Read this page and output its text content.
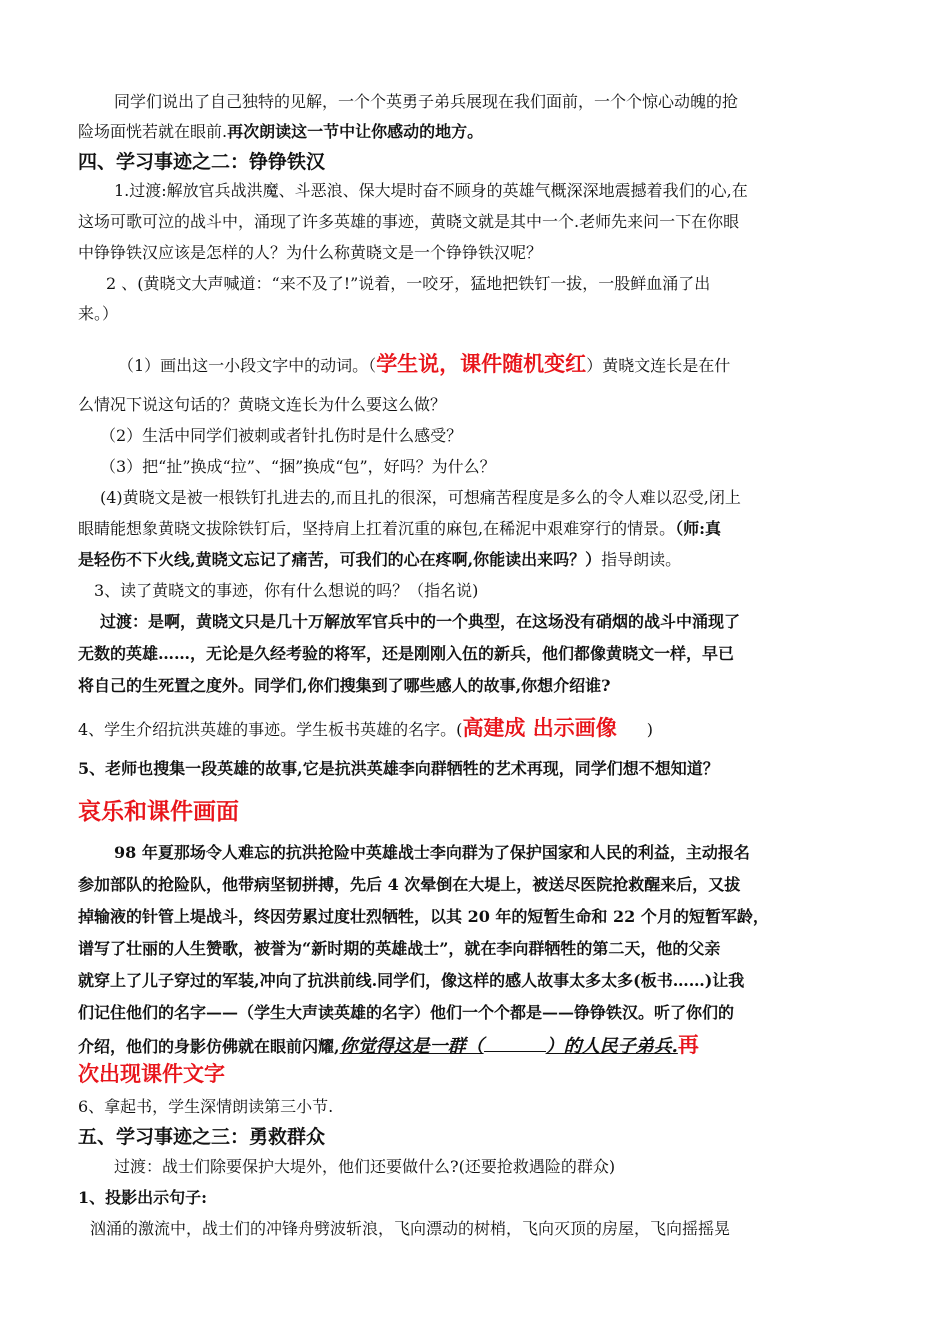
同学们说出了自己独特的见解，一个个英勇子弟兵展现在我们面前，一个个惊心动魄的抢
险场面恍若就在眼前.再次朗读这一节中让你感动的地方。
四、学习事迹之二：铮铮铁汉
1.过渡:解放官兵战洪魔、斗恶浪、保大堤时奋不顾身的英雄气概深深地震撼着我们的心,在
这场可歌可泣的战斗中，涌现了许多英雄的事迹，黄晓文就是其中一个.老师先来问一下在你眼
中铮铮铁汉应该是怎样的人？为什么称黄晓文是一个铮铮铁汉呢？
2 、(黄晓文大声喊道：“来不及了!”说着，一咬牙，猛地把铁钉一拔，一股鲜血涌了出
来。）
（1）画出这一小段文字中的动词。（学生说，课件随机变红）黄晓文连长是在什
么情况下说这句话的？黄晓文连长为什么要这么做？
（2）生活中同学们被刺或者针扎伤时是什么感受？
（3）把“扯”换成“拉”、“捆”换成“包”，好吗？为什么？
(4)黄晓文是被一根铁钉扎进去的,而且扎的很深，可想痛苦程度是多么的令人难以忍受,闭上
眼睛能想象黄晓文拔除铁钉后，坚持肩上扛着沉重的麻包,在稀泥中艰难穿行的情景。（师:真
是轻伤不下火线,黄晓文忘记了痛苦，可我们的心在疼啊,你能读出来吗？）指导朗读。
3、读了黄晓文的事迹，你有什么想说的吗？（指名说)
过渡：是啊，黄晓文只是几十万解放军官兵中的一个典型，在这场没有硝烟的战斗中涌现了
无数的英雄……，无论是久经考验的将军，还是刚刚入伍的新兵，他们都像黄晓文一样，早已
将自己的生死置之度外。同学们,你们搜集到了哪些感人的故事,你想介绍谁?
4、学生介绍抗洪英雄的事迹。学生板书英雄的名字。(高建成 出示画像 )
5、老师也搜集一段英雄的故事,它是抗洪英雄李向群牺牲的艺术再现，同学们想不想知道？
哀乐和课件画面
98 年夏那场令人难忘的抗洪抢险中英雄战士李向群为了保护国家和人民的利益，主动报名
参加部队的抢险队，他带病坚韧拼搏，先后 4 次晕倒在大堤上，被送尽医院抢救醒来后，又拔
掉输液的针管上堤战斗，终因劳累过度壮烈牺牲，以其 20 年的短暂生命和 22 个月的短暂军龄，
谱写了壮丽的人生赞歌，被誉为“新时期的英雄战士”，就在李向群牺牲的第二天，他的父亲
就穿上了儿子穿过的军装,冲向了抗洪前线.同学们，像这样的感人故事太多太多(板书……)让我
们记住他们的名字——（学生大声读英雄的名字）他们一个个都是——铮铮铁汉。听了你们的
介绍，他们的身影仿佛就在眼前闪耀,你觉得这是一群（	）的人民子弟兵.再
次出现课件文字
6、拿起书，学生深情朗读第三小节.
五、学习事迹之三：勇救群众
过渡：战士们除要保护大堤外，他们还要做什么?(还要抢救遇险的群众)
1、投影出示句子:
汹涌的激流中，战士们的冲锋舟劈波斩浪，飞向漂动的树梢，飞向灭顶的房屋，飞向摇摇晃
